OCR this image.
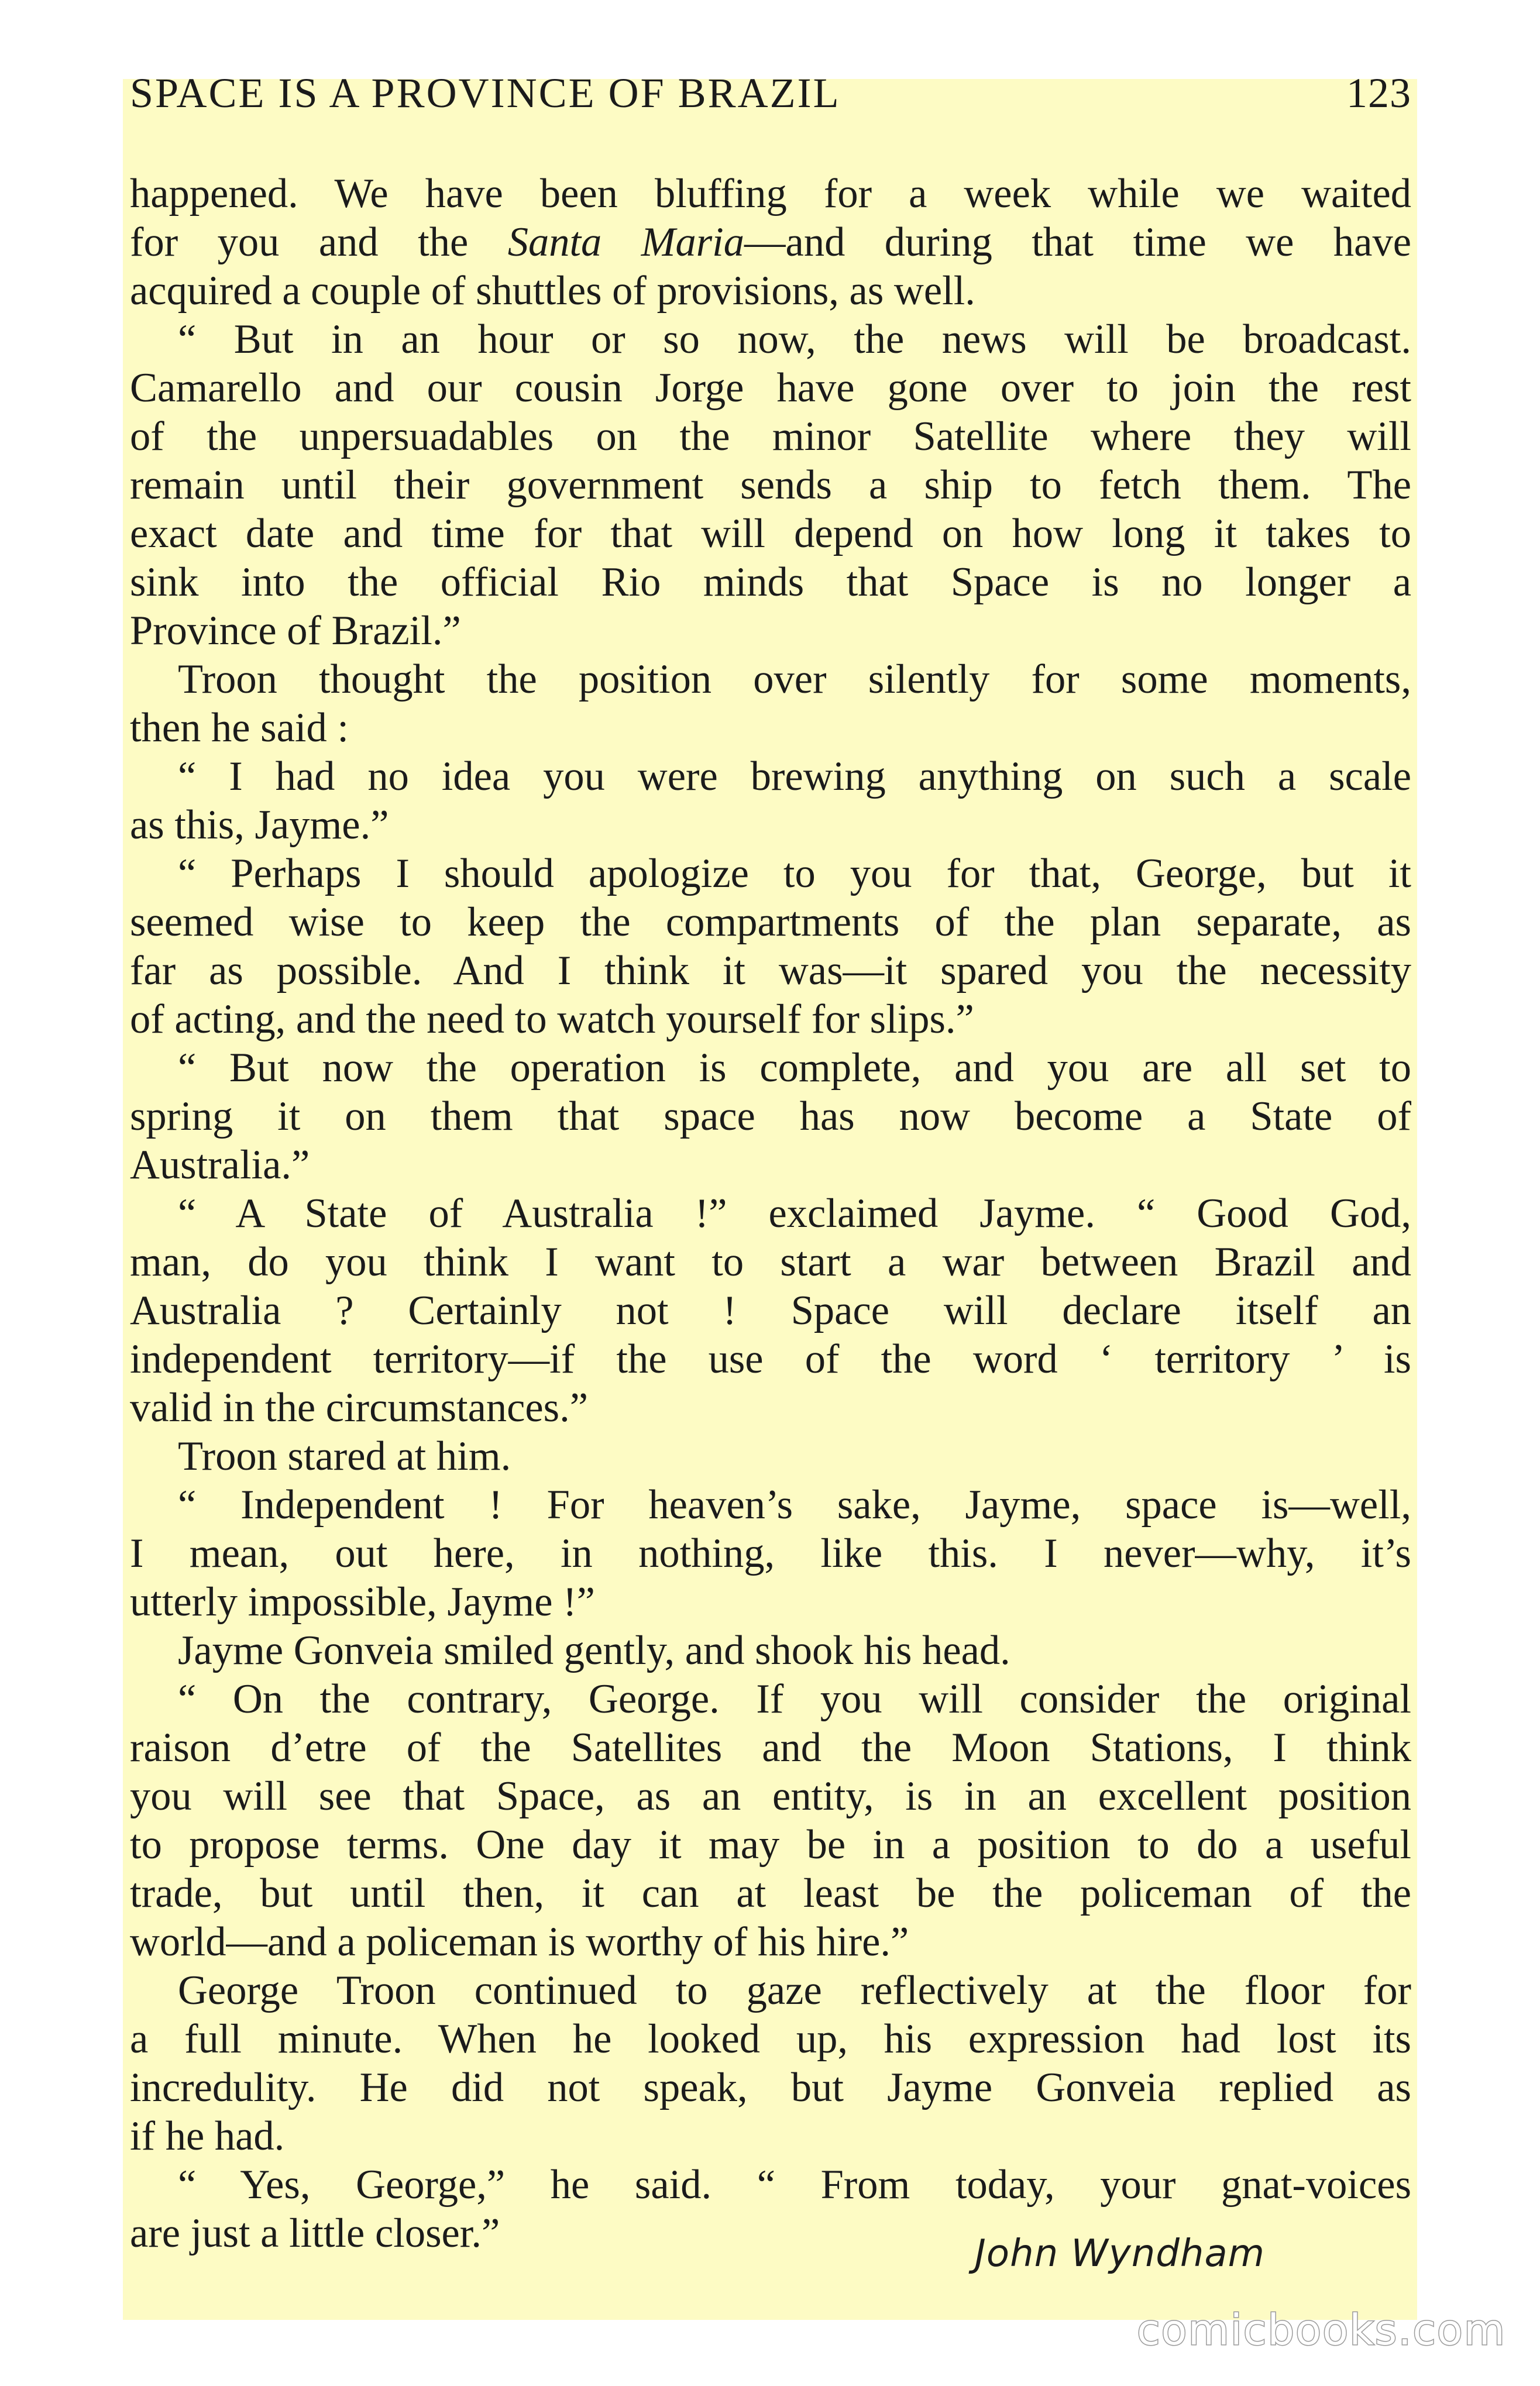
SPACE IS A PROVINCE OF BRAZIL	123
happened. We have been bluffing for a week while we waited
for you and the Santa Maria—and during that time we have
acquired a couple of shuttles of provisions, as well.
“ But in an hour or so now, the news will be broadcast.
Camarello and our cousin Jorge have gone over to join the rest
of the unpersuadables on the minor Satellite where they will
remain until their government sends a ship to fetch them. The
exact date and time for that will depend on how long it takes to
sink into the official Rio minds that Space is no longer a
Province of Brazil.”
Troon thought the position over silently for some moments,
then he said :
“ I had no idea you were brewing anything on such a scale
as this, Jayme.”
“ Perhaps I should apologize to you for that, George, but it
seemed wise to keep the compartments of the plan separate, as
far as possible. And I think it was—it spared you the necessity
of acting, and the need to watch yourself for slips.”
“ But now the operation is complete, and you are all set to
spring it on them that space has now become a State of
Australia.”
“ A State of Australia !” exclaimed Jayme. “ Good God,
man, do you think I want to start a war between Brazil and
Australia ? Certainly not ! Space will declare itself an
independent territory—if the use of the word ‘ territory ’ is
valid in the circumstances.”
Troon stared at him.
“ Independent ! For heaven’s sake, Jayme, space is—well,
I mean, out here, in nothing, like this. I never—why, it’s
utterly impossible, Jayme !”
Jayme Gonveia smiled gently, and shook his head.
“ On the contrary, George. If you will consider the original
raison d’etre of the Satellites and the Moon Stations, I think
you will see that Space, as an entity, is in an excellent position
to propose terms. One day it may be in a position to do a useful
trade, but until then, it can at least be the policeman of the
world—and a policeman is worthy of his hire.”
George Troon continued to gaze reflectively at the floor for
a full minute. When he looked up, his expression had lost its
incredulity. He did not speak, but Jayme Gonveia replied as
if he had.
“ Yes, George,” he said. “ From today, your gnat-voices
are just a little closer.”	John Wyndham
comicbooks.com
